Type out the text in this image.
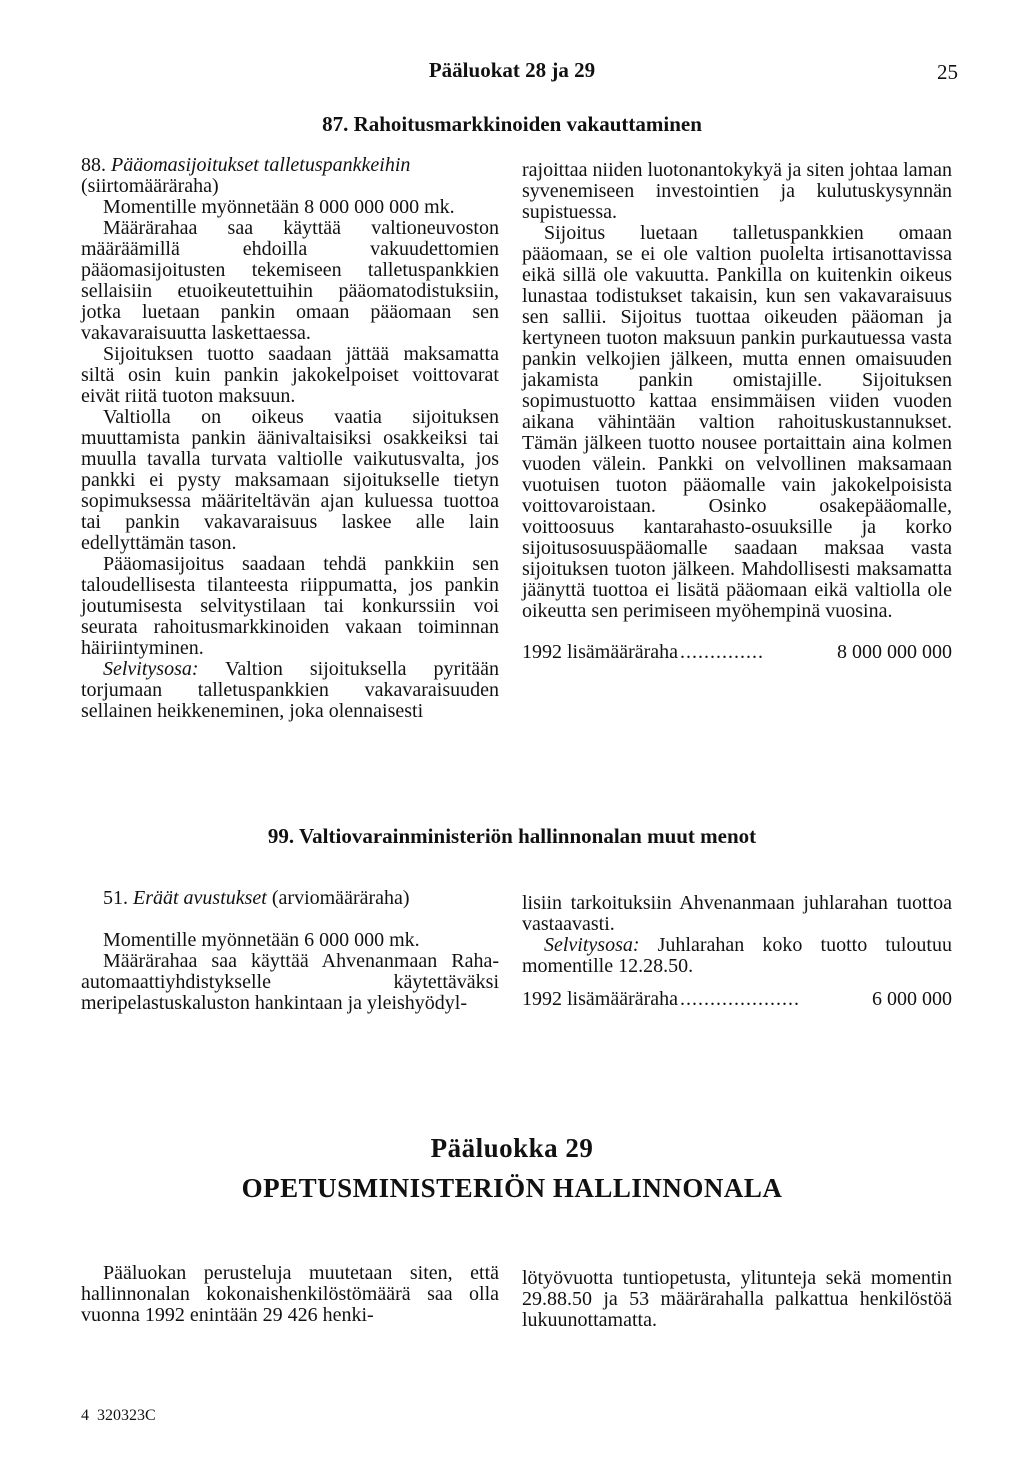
Pääluokat 28 ja 29	25
87. Rahoitusmarkkinoiden vakauttaminen

88. Pääomasijoitukset talletuspankkeihin
(siirtomääräraha)

Momentille myönnetään 8 000 000 000 mk.

Määrärahaa saa käyttää valtioneuvoston määräämillä ehdoilla vakuudettomien pääomasijoitusten tekemiseen talletuspankkien sellaisiin etuoikeutettuihin pääomatodistuksiin, jotka luetaan pankin omaan pääomaan sen vakavaraisuutta laskettaessa.

Sijoituksen tuotto saadaan jättää maksamatta siltä osin kuin pankin jakokelpoiset voittovarat eivät riitä tuoton maksuun.

Valtiolla on oikeus vaatia sijoituksen muuttamista pankin äänivaltaisiksi osakkeiksi tai muulla tavalla turvata valtiolle vaikutusvalta, jos pankki ei pysty maksamaan sijoitukselle tietyn sopimuksessa määriteltävän ajan kuluessa tuottoa tai pankin vakavaraisuus laskee alle lain edellyttämän tason.

Pääomasijoitus saadaan tehdä pankkiin sen taloudellisesta tilanteesta riippumatta, jos pankin joutumisesta selvitystilaan tai konkurssiin voi seurata rahoitusmarkkinoiden vakaan toiminnan häiriintyminen.

Selvitysosa: Valtion sijoituksella pyritään torjumaan talletuspankkien vakavaraisuuden sellainen heikkeneminen, joka olennaisesti

rajoittaa niiden luotonantokykyä ja siten johtaa laman syvenemiseen investointien ja kulutuskysynnän supistuessa.

Sijoitus luetaan talletuspankkien omaan pääomaan, se ei ole valtion puolelta irtisanottavissa eikä sillä ole vakuutta. Pankilla on kuitenkin oikeus lunastaa todistukset takaisin, kun sen vakavaraisuus sen sallii. Sijoitus tuottaa oikeuden pääoman ja kertyneen tuoton maksuun pankin purkautuessa vasta pankin velkojien jälkeen, mutta ennen omaisuuden jakamista pankin omistajille. Sijoituksen sopimustuotto kattaa ensimmäisen viiden vuoden aikana vähintään valtion rahoituskustannukset. Tämän jälkeen tuotto nousee portaittain aina kolmen vuoden välein. Pankki on velvollinen maksamaan vuotuisen tuoton pääomalle vain jakokelpoisista voittovaroistaan. Osinko osakepääomalle, voittoosuus kantarahasto-osuuksille ja korko sijoitusosuuspääomalle saadaan maksaa vasta sijoituksen tuoton jälkeen. Mahdollisesti maksamatta jäänyttä tuottoa ei lisätä pääomaan eikä valtiolla ole oikeutta sen perimiseen myöhempinä vuosina.

1992 lisämääräraha ..............	8 000 000 000
99. Valtiovarainministeriön hallinnonalan muut menot

51. Eräät avustukset (arviomääräraha)

Momentille myönnetään 6 000 000 mk.

Määrärahaa saa käyttää Ahvenanmaan Raha-automaattiyhdistykselle käytettäväksi meripelastuskaluston hankintaan ja yleishyödyl-

lisiin tarkoituksiin Ahvenanmaan juhlarahan tuottoa vastaavasti.

Selvitysosa: Juhlarahan koko tuotto tuloutuu momentille 12.28.50.

1992 lisämääräraha ....................	6 000 000
Pääluokka 29
OPETUSMINISTERIÖN HALLINNONALA
Pääluokan perusteluja muutetaan siten, että hallinnonalan kokonaishenkilöstömäärä saa olla vuonna 1992 enintään 29 426 henki-
lötyövuotta tuntiopetusta, ylitunteja sekä momentin 29.88.50 ja 53 määrärahalla palkattua henkilöstöä lukuunottamatta.
4  320323C
